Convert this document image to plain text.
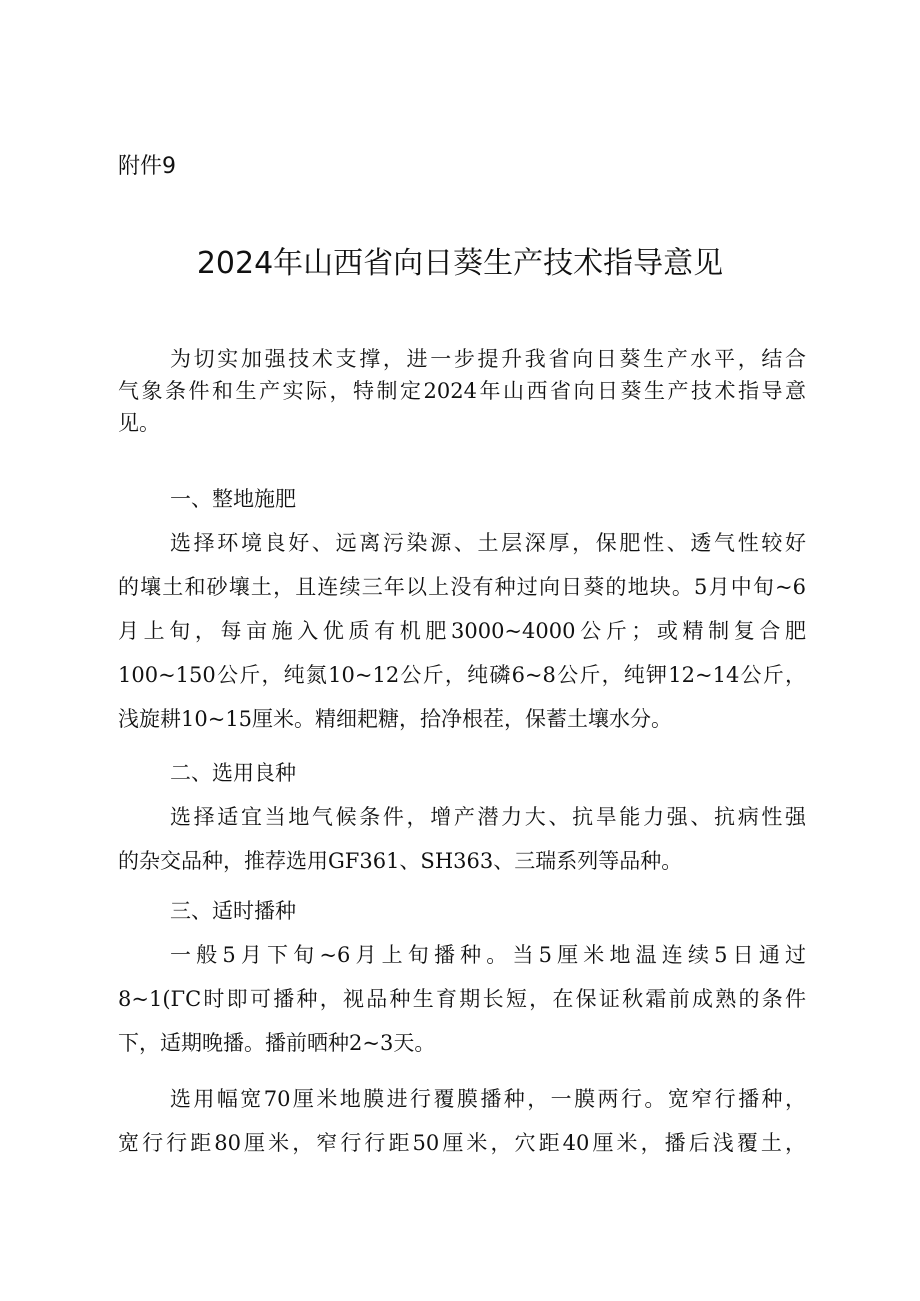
附件9
2024年山西省向日葵生产技术指导意见
为切实加强技术支撑，进一步提升我省向日葵生产水平，结合
气象条件和生产实际，特制定2024年山西省向日葵生产技术指导意
见。
一、整地施肥
选择环境良好、远离污染源、土层深厚，保肥性、透气性较好
的壤土和砂壤土，且连续三年以上没有种过向日葵的地块。5月中旬~6
月上旬，每亩施入优质有机肥3000~4000公斤；或精制复合肥
100~150公斤，纯氮10~12公斤，纯磷6~8公斤，纯钾12~14公斤，
浅旋耕10~15厘米。精细耙糖，拾净根茬，保蓄土壤水分。
二、选用良种
选择适宜当地气候条件，增产潜力大、抗旱能力强、抗病性强
的杂交品种，推荐选用GF361、SH363、三瑞系列等品种。
三、适时播种
一般5月下旬~6月上旬播种。当5厘米地温连续5日通过
8~1(ΓC时即可播种，视品种生育期长短，在保证秋霜前成熟的条件
下，适期晚播。播前晒种2~3天。
选用幅宽70厘米地膜进行覆膜播种，一膜两行。宽窄行播种，
宽行行距80厘米，窄行行距50厘米，穴距40厘米，播后浅覆土，
